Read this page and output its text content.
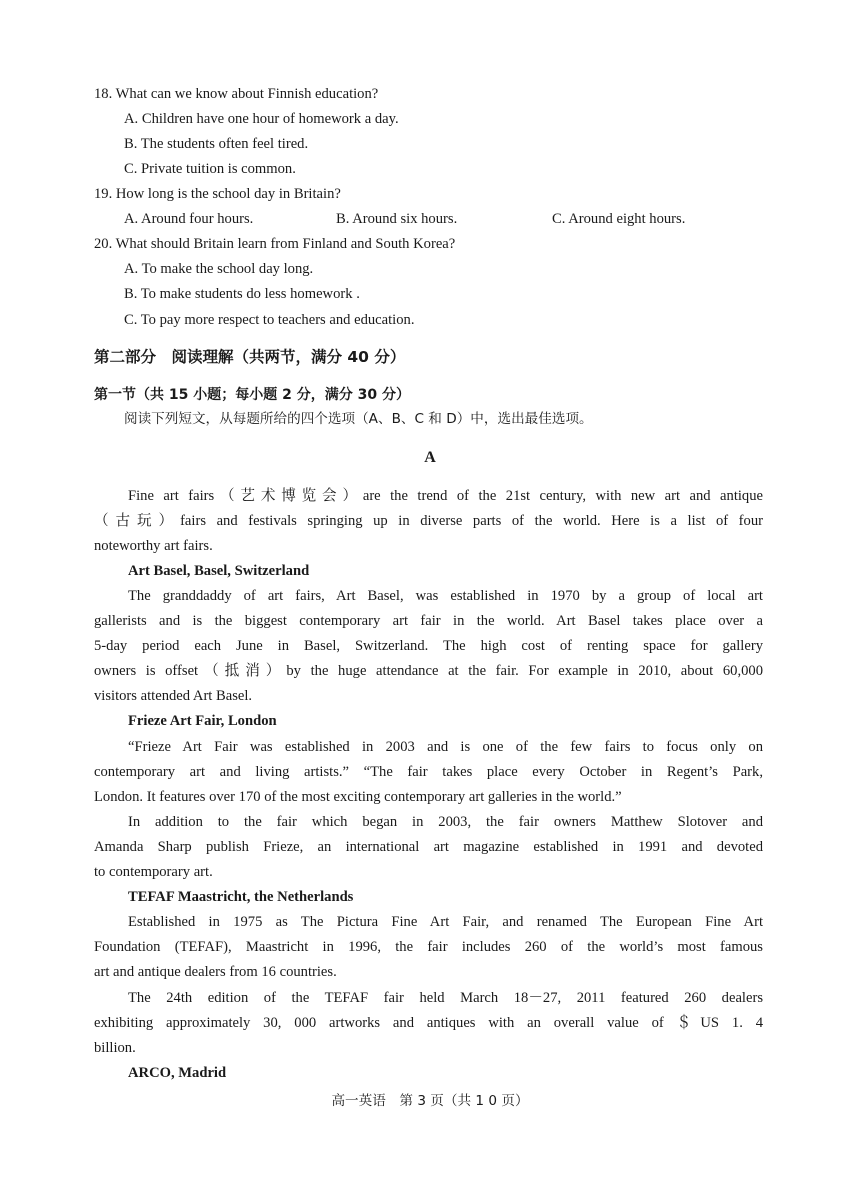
18. What can we know about Finnish education?
A. Children have one hour of homework a day.
B. The students often feel tired.
C. Private tuition is common.
19. How long is the school day in Britain?
A. Around four hours.	B. Around six hours.	C. Around eight hours.
20. What should Britain learn from Finland and South Korea?
A. To make the school day long.
B. To make students do less homework .
C. To pay more respect to teachers and education.
第二部分　阅读理解（共两节，满分 40 分）
第一节（共 15 小题；每小题 2 分，满分 30 分）
阅读下列短文，从每题所给的四个选项（A、B、C 和 D）中，选出最佳选项。
A
Fine art fairs（艺术博览会）are the trend of the 21st century, with new art and antique
（古玩）fairs and festivals springing up in diverse parts of the world. Here is a list of four
noteworthy art fairs.
Art Basel, Basel, Switzerland
The granddaddy of art fairs, Art Basel, was established in 1970 by a group of local art
gallerists and is the biggest contemporary art fair in the world. Art Basel takes place over a
5-day period each June in Basel, Switzerland. The high cost of renting space for gallery
owners is offset（抵消）by the huge attendance at the fair. For example in 2010, about 60,000
visitors attended Art Basel.
Frieze Art Fair, London
“Frieze Art Fair was established in 2003 and is one of the few fairs to focus only on
contemporary art and living artists.” “The fair takes place every October in Regent’s Park,
London. It features over 170 of the most exciting contemporary art galleries in the world.”
In addition to the fair which began in 2003, the fair owners Matthew Slotover and
Amanda Sharp publish Frieze, an international art magazine established in 1991 and devoted
to contemporary art.
TEFAF Maastricht, the Netherlands
Established in 1975 as The Pictura Fine Art Fair, and renamed The European Fine Art
Foundation (TEFAF), Maastricht in 1996, the fair includes 260 of the world’s most famous
art and antique dealers from 16 countries.
The 24th edition of the TEFAF fair held March 18－27, 2011 featured 260 dealers
exhibiting approximately 30, 000 artworks and antiques with an overall value of ＄US 1. 4
billion.
ARCO, Madrid
高一英语　第 3 页（共 1 0 页）
